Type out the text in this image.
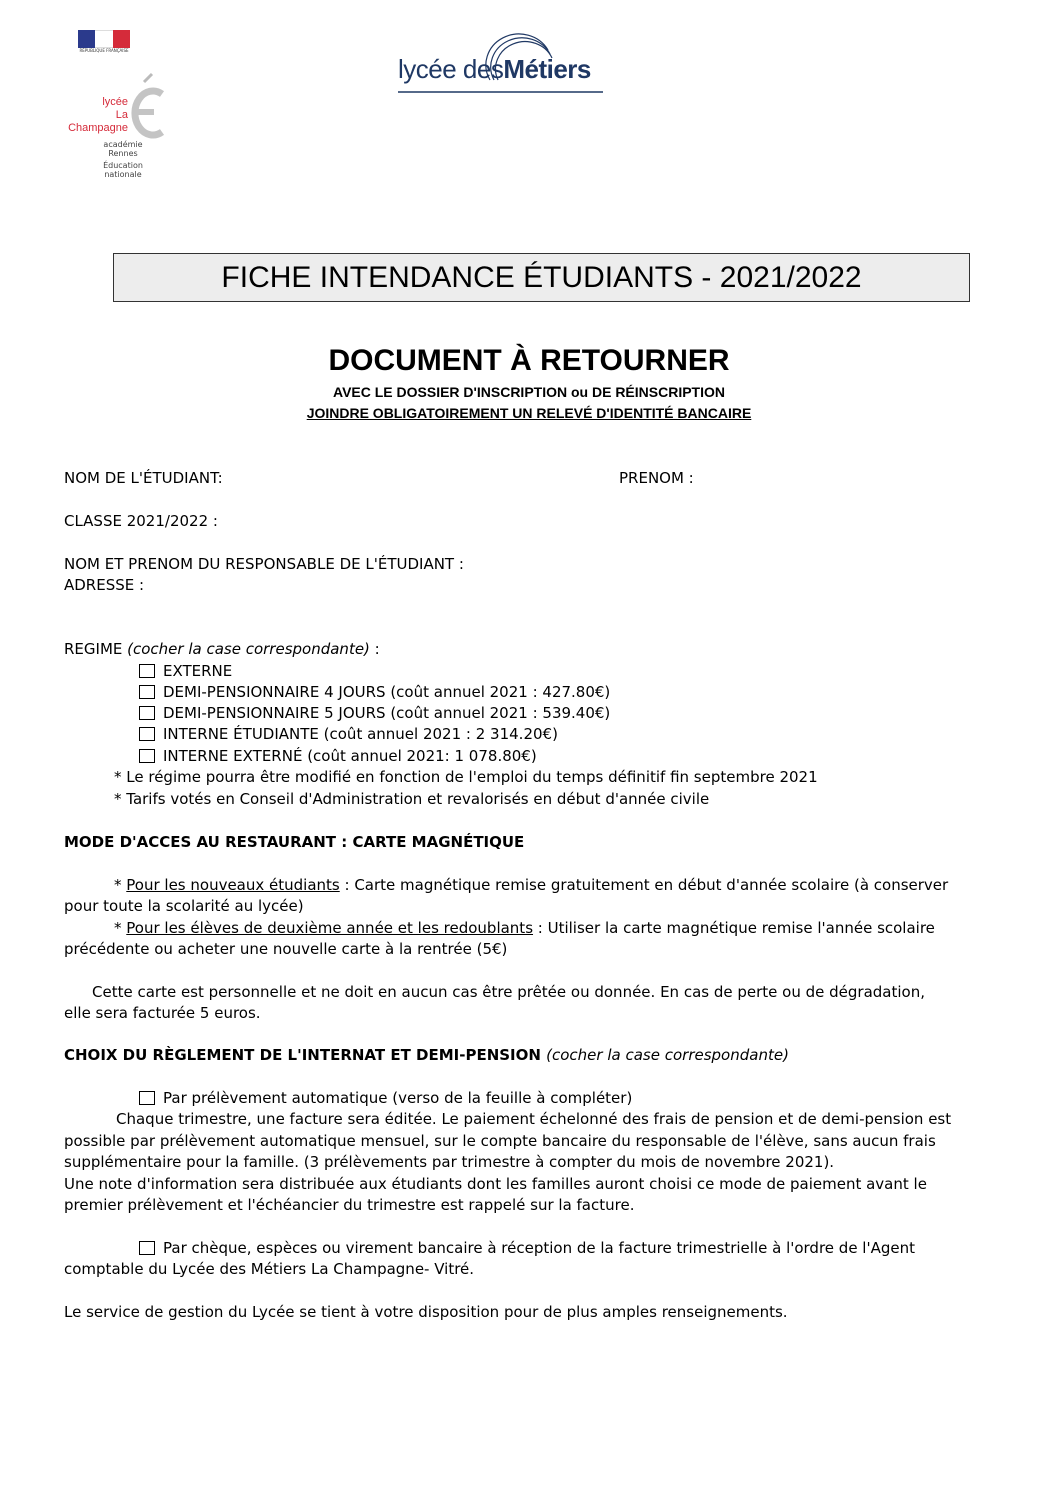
RÉPUBLIQUE FRANÇAISE
lycée
La Champagne
académie
Rennes
Éducation
nationale
lycée desMétiers
FICHE INTENDANCE ÉTUDIANTS - 2021/2022
DOCUMENT À RETOURNER
AVEC LE DOSSIER D'INSCRIPTION ou DE RÉINSCRIPTION
JOINDRE OBLIGATOIREMENT UN RELEVÉ D'IDENTITÉ BANCAIRE
NOM DE L'ÉTUDIANT:	PRENOM :
CLASSE 2021/2022 :
NOM ET PRENOM DU RESPONSABLE DE L'ÉTUDIANT :
ADRESSE :
REGIME (cocher la case correspondante) :
EXTERNE
DEMI-PENSIONNAIRE 4 JOURS (coût annuel 2021 : 427.80€)
DEMI-PENSIONNAIRE 5 JOURS (coût annuel 2021 : 539.40€)
INTERNE ÉTUDIANTE (coût annuel 2021 : 2 314.20€)
INTERNE EXTERNÉ (coût annuel 2021: 1 078.80€)
* Le régime pourra être modifié en fonction de l'emploi du temps définitif fin septembre 2021
* Tarifs votés en Conseil d'Administration et revalorisés en début d'année civile
MODE D'ACCES AU RESTAURANT : CARTE MAGNÉTIQUE
* Pour les nouveaux étudiants : Carte magnétique remise gratuitement en début d'année scolaire (à conserver
pour toute la scolarité au lycée)
* Pour les élèves de deuxième année et les redoublants : Utiliser la carte magnétique remise l'année scolaire
précédente ou acheter une nouvelle carte à la rentrée (5€)
Cette carte est personnelle et ne doit en aucun cas être prêtée ou donnée. En cas de perte ou de dégradation,
elle sera facturée 5 euros.
CHOIX DU RÈGLEMENT DE L'INTERNAT ET DEMI-PENSION (cocher la case correspondante)
Par prélèvement automatique (verso de la feuille à compléter)
Chaque trimestre, une facture sera éditée. Le paiement échelonné des frais de pension et de demi-pension est
possible par prélèvement automatique mensuel, sur le compte bancaire du responsable de l'élève, sans aucun frais
supplémentaire pour la famille. (3 prélèvements par trimestre à compter du mois de novembre 2021).
Une note d'information sera distribuée aux étudiants dont les familles auront choisi ce mode de paiement avant le
premier prélèvement et l'échéancier du trimestre est rappelé sur la facture.
Par chèque, espèces ou virement bancaire à réception de la facture trimestrielle à l'ordre de l'Agent
comptable du Lycée des Métiers La Champagne- Vitré.
Le service de gestion du Lycée se tient à votre disposition pour de plus amples renseignements.
